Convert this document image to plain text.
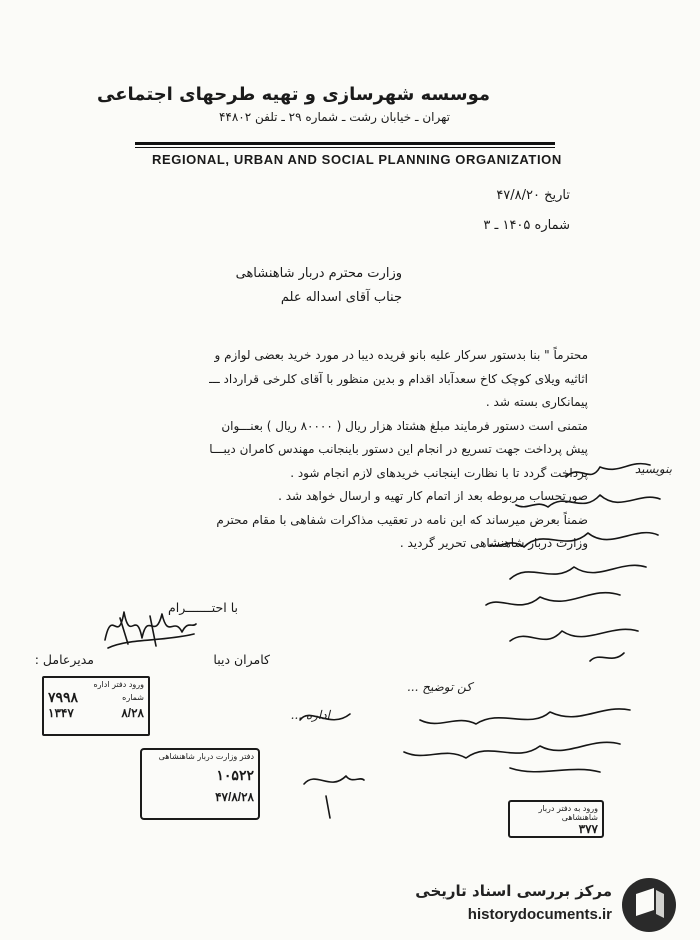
موسسه شهرسازی و تهیه طرحهای اجتماعی
تهران ـ خیابان رشت ـ شماره ۲۹ ـ تلفن ۴۴۸۰۲
REGIONAL, URBAN AND SOCIAL PLANNING ORGANIZATION
تاریخ ۴۷/۸/۲۰
شماره ۱۴۰۵ ـ ۳
وزارت محترم دربار شاهنشاهی
جناب آقای اسداله علم

محترماً " بنا بدستور سرکار علیه بانو فریده دیبا در مورد خرید بعضی لوازم و

اثاثیه ویلای کوچک کاخ سعدآباد اقدام و بدین منظور با آقای کلرخی قرارداد ـــ

پیمانکاری بسته شد .

متمنی است دستور فرمایند مبلغ هشتاد هزار ریال ( ۸۰۰۰۰ ریال ) بعنـــوان

پیش پرداخت جهت تسریع در انجام این دستور باینجانب مهندس کامران دیبـــا

پرداخت گردد تا با نظارت اینجانب خریدهای لازم انجام شود .

صورتحساب مربوطه بعد از اتمام کار تهیه و ارسال خواهد شد .

ضمناً بعرض میرساند که این نامه در تعقیب مذاکرات شفاهی با مقام محترم

وزارت دربار شاهنشاهی تحریر گردید .

با احتـــــــرام
کامران دیبا
مدیرعامل :
بنویسید
کن توضیح ...
اداره ...
ورود دفتر اداره
شماره
۷۹۹۸
۸/۲۸
۱۳۴۷
دفتر وزارت دربار شاهنشاهی
۱۰۵۲۲
۴۷/۸/۲۸
ورود به دفتر دربار شاهنشاهی
۳۷۷
مرکز بررسی اسناد تاریخی
historydocuments.ir
